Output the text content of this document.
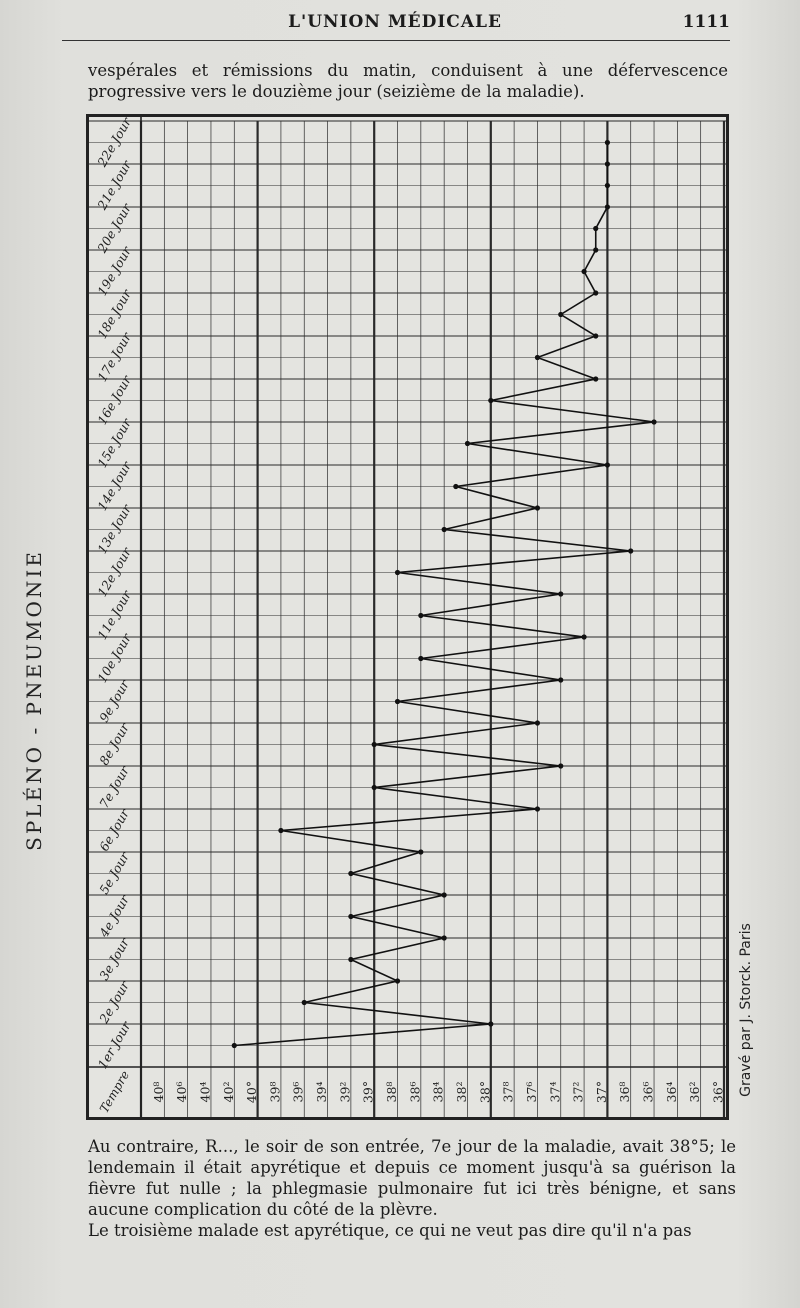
L'UNION MÉDICALE	1111
vespérales et rémissions du matin, conduisent à une défervescence progressive vers le douzième jour (seizième de la maladie).
SPLÉNO - PNEUMONIE
36°
36²
36⁴
36⁶
36⁸
37°
37²
37⁴
37⁶
37⁸
38°
38²
38⁴
38⁶
38⁸
39°
39²
39⁴
39⁶
39⁸
40°
40²
40⁴
40⁶
40⁸
Tempre
1er Jour
2e Jour
3e Jour
4e Jour
5e Jour
6e Jour
7e Jour
8e Jour
9e Jour
10e Jour
11e Jour
12e Jour
13e Jour
14e Jour
15e Jour
16e Jour
17e Jour
18e Jour
19e Jour
20e Jour
21e Jour
22e Jour
Gravé par J. Storck. Paris

Au contraire, R..., le soir de son entrée, 7e jour de la maladie, avait 38°5; le lendemain il était apyrétique et depuis ce moment jusqu'à sa guérison la fièvre fut nulle ; la phlegmasie pulmonaire fut ici très bénigne, et sans aucune complication du côté de la plèvre.

Le troisième malade est apyrétique, ce qui ne veut pas dire qu'il n'a pas
